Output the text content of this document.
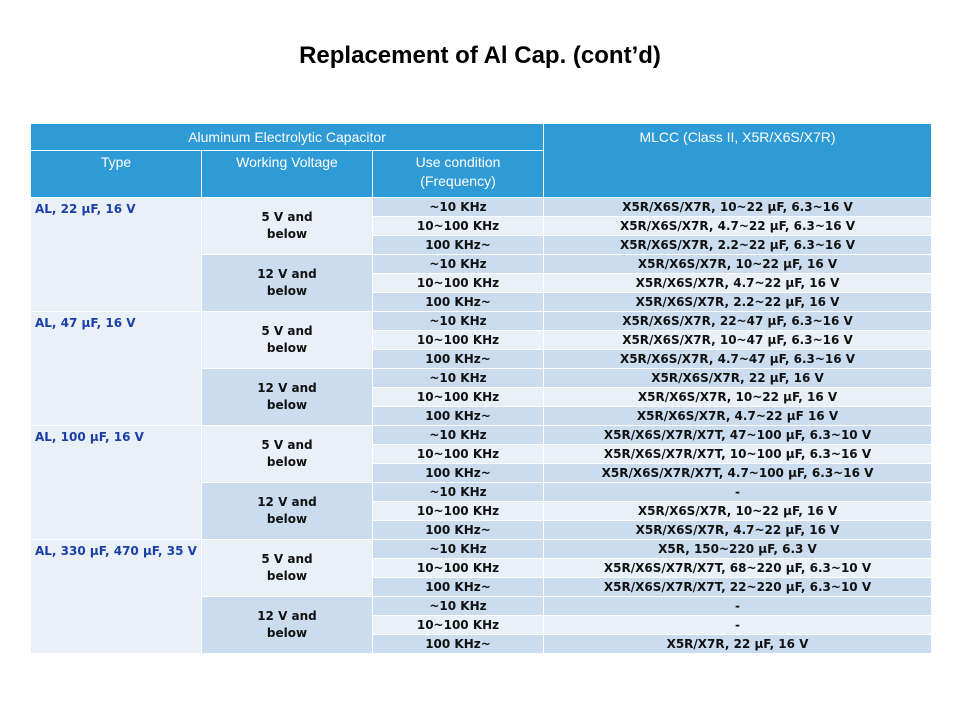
Replacement of Al Cap. (cont’d)
Aluminum Electrolytic Capacitor			MLCC (Class II, X5R/X6S/X7R)
Type	Working Voltage	Use condition
(Frequency)	
AL, 22 µF, 16 V	5 V and
below	~10 KHz	X5R/X6S/X7R, 10~22 µF, 6.3~16 V
		10~100 KHz	X5R/X6S/X7R, 4.7~22 µF, 6.3~16 V
		100 KHz~	X5R/X6S/X7R, 2.2~22 µF, 6.3~16 V
	12 V and
below	~10 KHz	X5R/X6S/X7R, 10~22 µF, 16 V
		10~100 KHz	X5R/X6S/X7R, 4.7~22 µF, 16 V
		100 KHz~	X5R/X6S/X7R, 2.2~22 µF, 16 V
AL, 47 µF, 16 V	5 V and
below	~10 KHz	X5R/X6S/X7R, 22~47 µF, 6.3~16 V
		10~100 KHz	X5R/X6S/X7R, 10~47 µF, 6.3~16 V
		100 KHz~	X5R/X6S/X7R, 4.7~47 µF, 6.3~16 V
	12 V and
below	~10 KHz	X5R/X6S/X7R, 22 µF, 16 V
		10~100 KHz	X5R/X6S/X7R, 10~22 µF, 16 V
		100 KHz~	X5R/X6S/X7R, 4.7~22 µF 16 V
AL, 100 µF, 16 V	5 V and
below	~10 KHz	X5R/X6S/X7R/X7T, 47~100 µF, 6.3~10 V
		10~100 KHz	X5R/X6S/X7R/X7T, 10~100 µF, 6.3~16 V
		100 KHz~	X5R/X6S/X7R/X7T, 4.7~100 µF, 6.3~16 V
	12 V and
below	~10 KHz	-
		10~100 KHz	X5R/X6S/X7R, 10~22 µF, 16 V
		100 KHz~	X5R/X6S/X7R, 4.7~22 µF, 16 V
AL, 330 µF, 470 µF, 35 V	5 V and
below	~10 KHz	X5R, 150~220 µF, 6.3 V
		10~100 KHz	X5R/X6S/X7R/X7T, 68~220 µF, 6.3~10 V
		100 KHz~	X5R/X6S/X7R/X7T, 22~220 µF, 6.3~10 V
	12 V and
below	~10 KHz	-
		10~100 KHz	-
		100 KHz~	X5R/X7R, 22 µF, 16 V
